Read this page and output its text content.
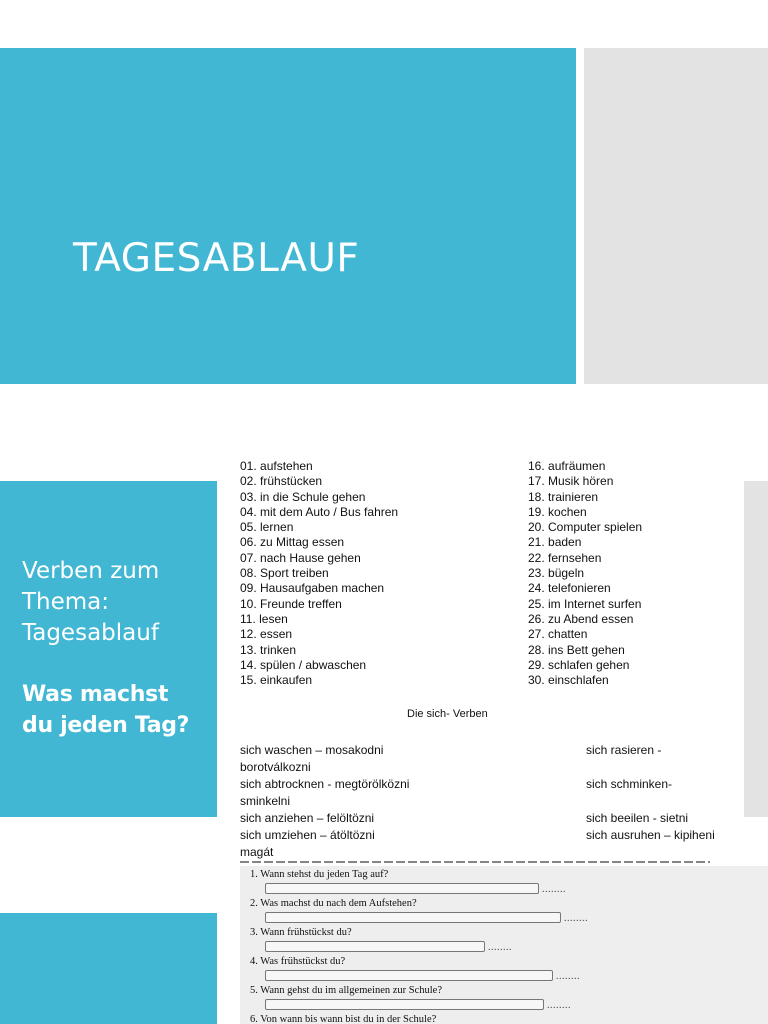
TAGESABLAUF
Verben zum
Thema:
Tagesablauf
Was machst
du jeden Tag?
01. aufstehen
02. frühstücken
03. in die Schule gehen
04. mit dem Auto / Bus fahren
05. lernen
06. zu Mittag essen
07. nach Hause gehen
08. Sport treiben
09. Hausaufgaben machen
10. Freunde treffen
11. lesen
12. essen
13. trinken
14. spülen / abwaschen
15. einkaufen
16. aufräumen
17. Musik hören
18. trainieren
19. kochen
20. Computer spielen
21. baden
22. fernsehen
23. bügeln
24. telefonieren
25. im Internet surfen
26. zu Abend essen
27. chatten
28. ins Bett gehen
29. schlafen gehen
30. einschlafen
Die sich- Verben
sich waschen – mosakodni	sich rasieren -
borotválkozni
sich abtrocknen - megtörölközni	sich schminken-
sminkelni
sich anziehen – felöltözni	sich beeilen - sietni
sich umziehen – átöltözni	sich ausruhen – kipiheni
magát
1. Wann stehst du jeden Tag auf?
........
2. Was machst du nach dem Aufstehen?
........
3. Wann frühstückst du?
........
4. Was frühstückst du?
........
5. Wann gehst du im allgemeinen zur Schule?
........
6. Von wann bis wann bist du in der Schule?
